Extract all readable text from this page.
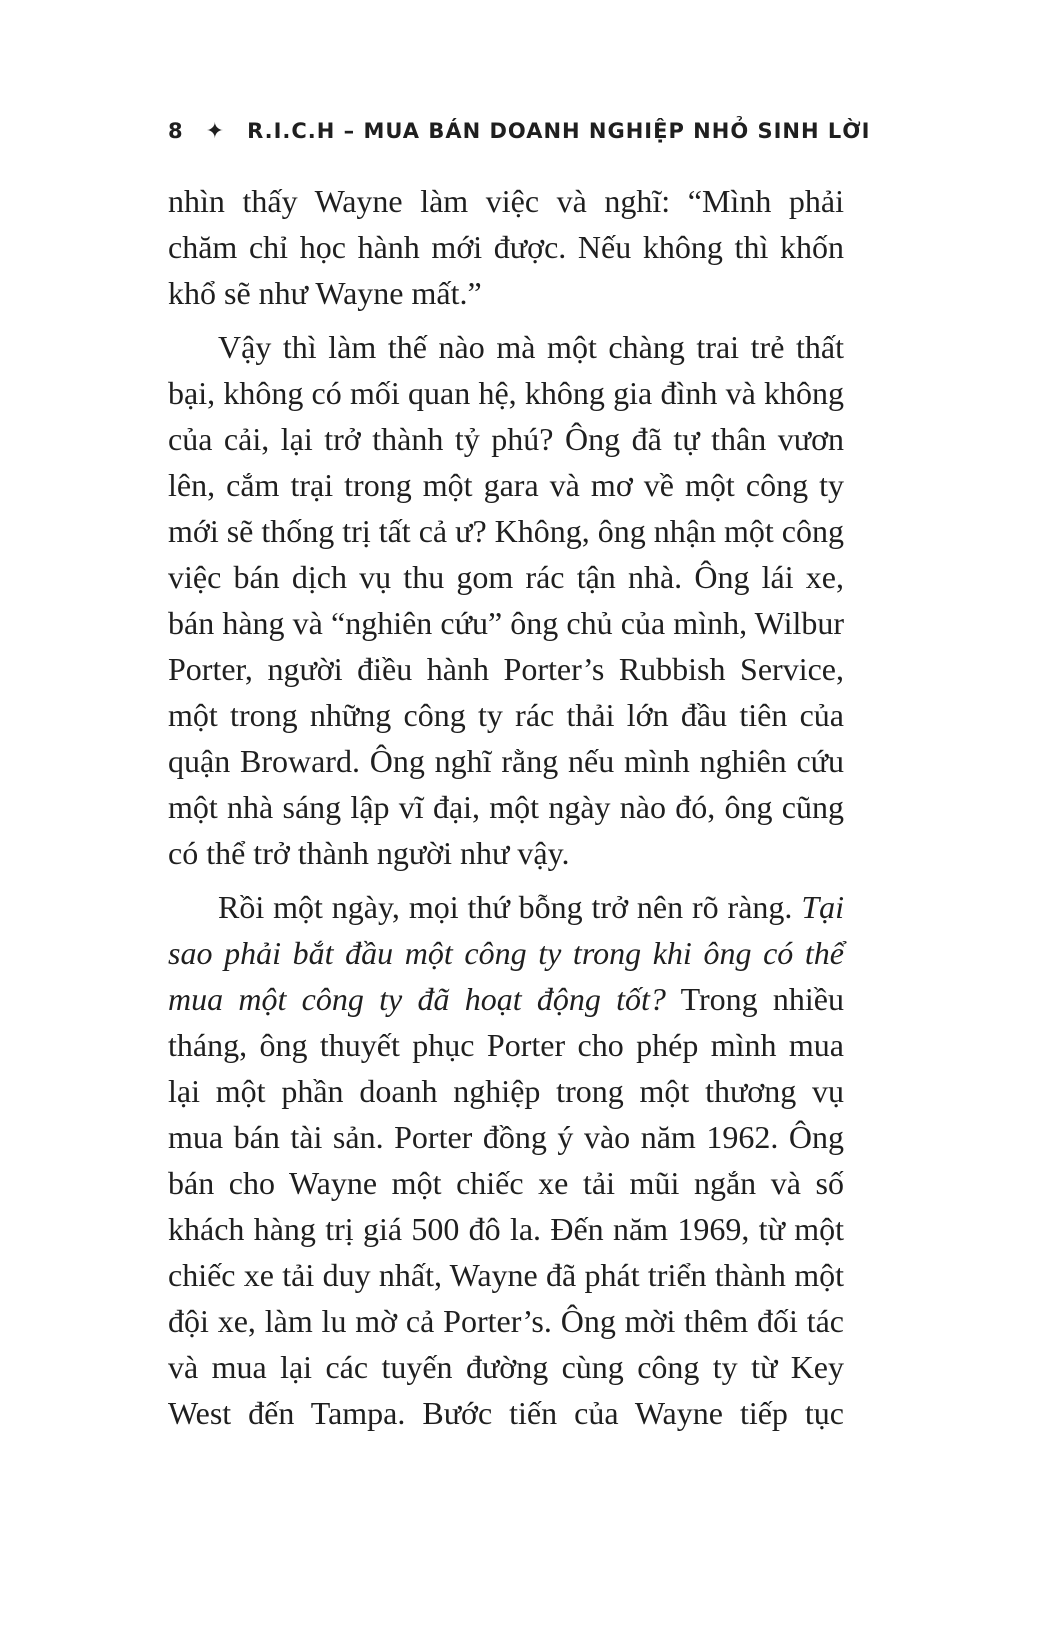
8 ✦ R.I.C.H – MUA BÁN DOANH NGHIỆP NHỎ SINH LỜI

nhìn thấy Wayne làm việc và nghĩ: “Mình phải chăm chỉ học hành mới được. Nếu không thì khốn khổ sẽ như Wayne mất.”

Vậy thì làm thế nào mà một chàng trai trẻ thất bại, không có mối quan hệ, không gia đình và không của cải, lại trở thành tỷ phú? Ông đã tự thân vươn lên, cắm trại trong một gara và mơ về một công ty mới sẽ thống trị tất cả ư? Không, ông nhận một công việc bán dịch vụ thu gom rác tận nhà. Ông lái xe, bán hàng và “nghiên cứu” ông chủ của mình, Wilbur Porter, người điều hành Porter’s Rubbish Service, một trong những công ty rác thải lớn đầu tiên của quận Broward. Ông nghĩ rằng nếu mình nghiên cứu một nhà sáng lập vĩ đại, một ngày nào đó, ông cũng có thể trở thành người như vậy.

Rồi một ngày, mọi thứ bỗng trở nên rõ ràng. Tại sao phải bắt đầu một công ty trong khi ông có thể mua một công ty đã hoạt động tốt? Trong nhiều tháng, ông thuyết phục Porter cho phép mình mua lại một phần doanh nghiệp trong một thương vụ mua bán tài sản. Porter đồng ý vào năm 1962. Ông bán cho Wayne một chiếc xe tải mũi ngắn và số khách hàng trị giá 500 đô la. Đến năm 1969, từ một chiếc xe tải duy nhất, Wayne đã phát triển thành một đội xe, làm lu mờ cả Porter’s. Ông mời thêm đối tác và mua lại các tuyến đường cùng công ty từ Key West đến Tampa. Bước tiến của Wayne tiếp tục
